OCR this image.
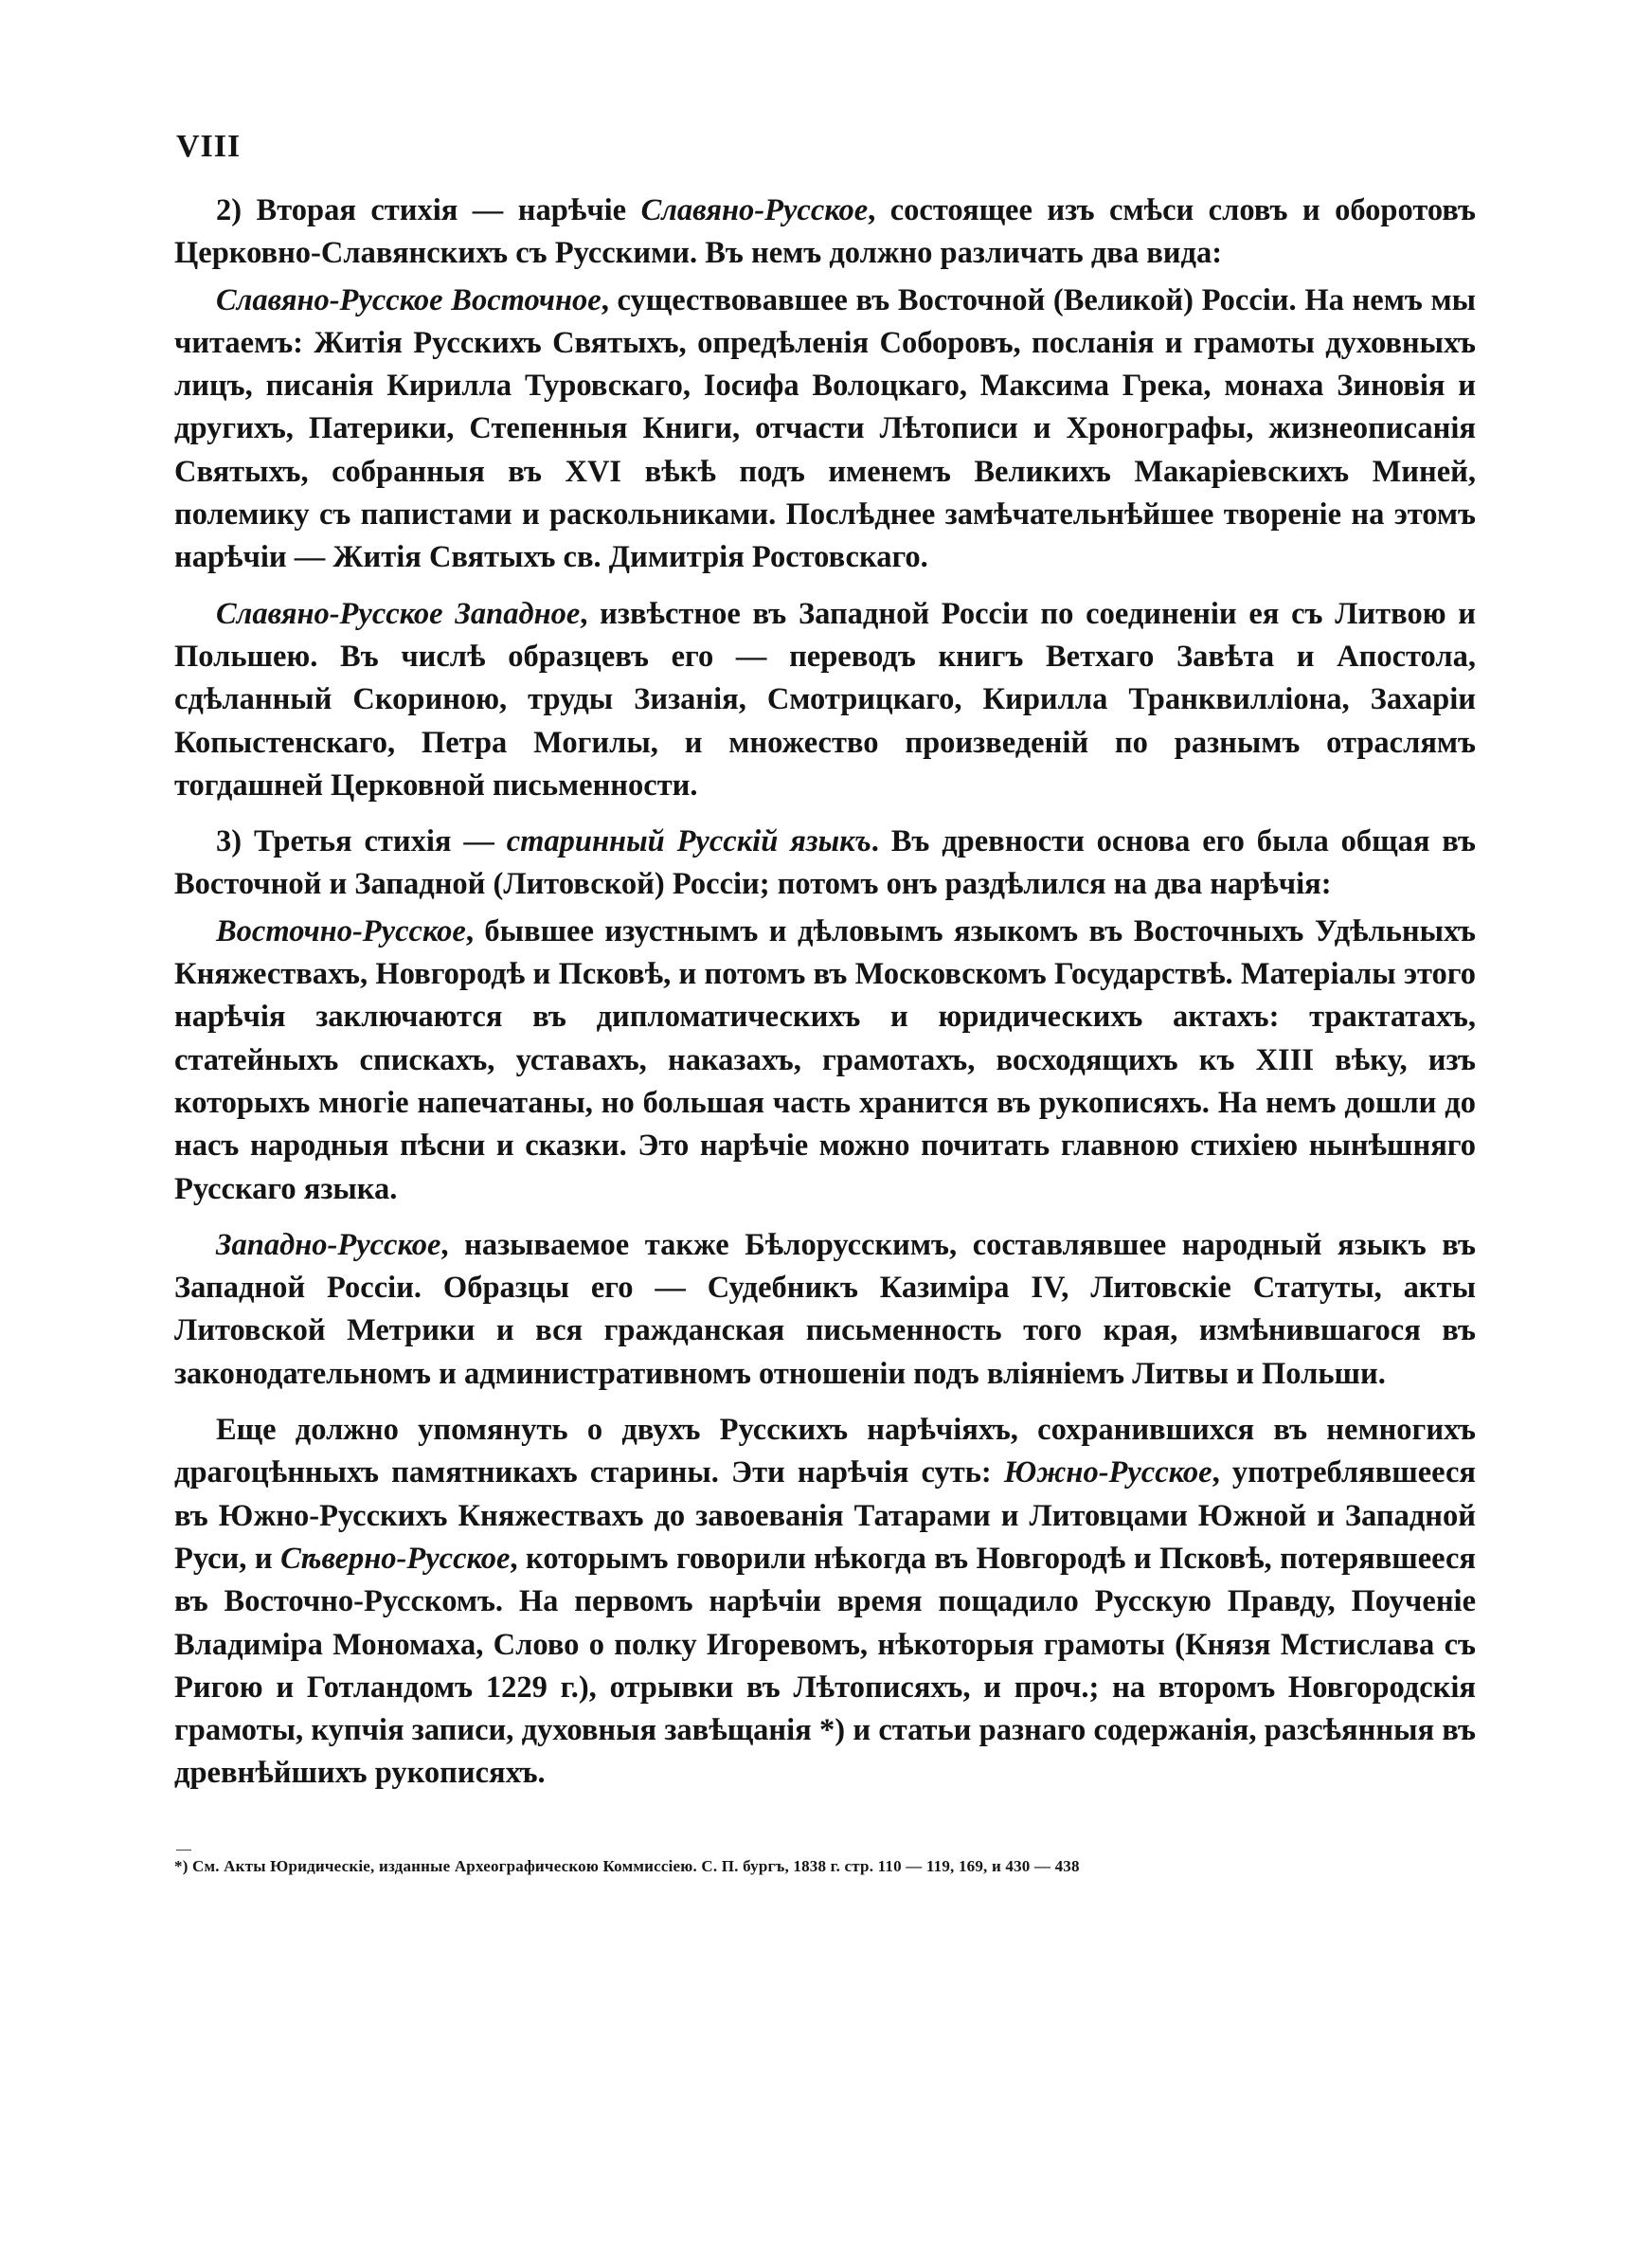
VIII

2) Вторая стихія — нарѣчіе Славяно-Русское, состоящее изъ смѣси словъ и оборотовъ Церковно-Славянскихъ съ Русскими. Въ немъ должно различать два вида:

Славяно-Русское Восточное, существовавшее въ Восточной (Великой) Россіи. На немъ мы читаемъ: Житія Русскихъ Святыхъ, опредѣленія Соборовъ, посланія и грамоты духовныхъ лицъ, писанія Кирилла Туровскаго, Іосифа Волоцкаго, Максима Грека, монаха Зиновія и другихъ, Патерики, Степенныя Книги, отчасти Лѣтописи и Хронографы, жизнеописанія Святыхъ, собранныя въ XVI вѣкѣ подъ именемъ Великихъ Макаріевскихъ Миней, полемику съ папистами и раскольниками. Послѣднее замѣчательнѣйшее твореніе на этомъ нарѣчіи — Житія Святыхъ св. Димитрія Ростовскаго.

Славяно-Русское Западное, извѣстное въ Западной Россіи по соединеніи ея съ Литвою и Польшею. Въ числѣ образцевъ его — переводъ книгъ Ветхаго Завѣта и Апостола, сдѣланный Скориною, труды Зизанія, Смотрицкаго, Кирилла Транквилліона, Захаріи Копыстенскаго, Петра Могилы, и множество произведеній по разнымъ отраслямъ тогдашней Церковной письменности.

3) Третья стихія — старинный Русскій языкъ. Въ древности основа его была общая въ Восточной и Западной (Литовской) Россіи; потомъ онъ раздѣлился на два нарѣчія:

Восточно-Русское, бывшее изустнымъ и дѣловымъ языкомъ въ Восточныхъ Удѣльныхъ Княжествахъ, Новгородѣ и Псковѣ, и потомъ въ Московскомъ Государствѣ. Матеріалы этого нарѣчія заключаются въ дипломатическихъ и юридическихъ актахъ: трактатахъ, статейныхъ спискахъ, уставахъ, наказахъ, грамотахъ, восходящихъ къ XIII вѣку, изъ которыхъ многіе напечатаны, но большая часть хранится въ рукописяхъ. На немъ дошли до насъ народныя пѣсни и сказки. Это нарѣчіе можно почитать главною стихіею нынѣшняго Русскаго языка.

Западно-Русское, называемое также Бѣлорусскимъ, составлявшее народный языкъ въ Западной Россіи. Образцы его — Судебникъ Казиміра IV, Литовскіе Статуты, акты Литовской Метрики и вся гражданская письменность того края, измѣнившагося въ законодательномъ и административномъ отношеніи подъ вліяніемъ Литвы и Польши.

Еще должно упомянуть о двухъ Русскихъ нарѣчіяхъ, сохранившихся въ немногихъ драгоцѣнныхъ памятникахъ старины. Эти нарѣчія суть: Южно-Русское, употреблявшееся въ Южно-Русскихъ Княжествахъ до завоеванія Татарами и Литовцами Южной и Западной Руси, и Сѣверно-Русское, которымъ говорили нѣкогда въ Новгородѣ и Псковѣ, потерявшееся въ Восточно-Русскомъ. На первомъ нарѣчіи время пощадило Русскую Правду, Поученіе Владиміра Мономаха, Слово о полку Игоревомъ, нѣкоторыя грамоты (Князя Мстислава съ Ригою и Готландомъ 1229 г.), отрывки въ Лѣтописяхъ, и проч.; на второмъ Новгородскія грамоты, купчія записи, духовныя завѣщанія *) и статьи разнаго содержанія, разсѣянныя въ древнѣйшихъ рукописяхъ.

*) См. Акты Юридическіе, изданные Археографическою Коммиссіею. С. П. бургъ, 1838 г. стр. 110 — 119, 169, и 430 — 438
